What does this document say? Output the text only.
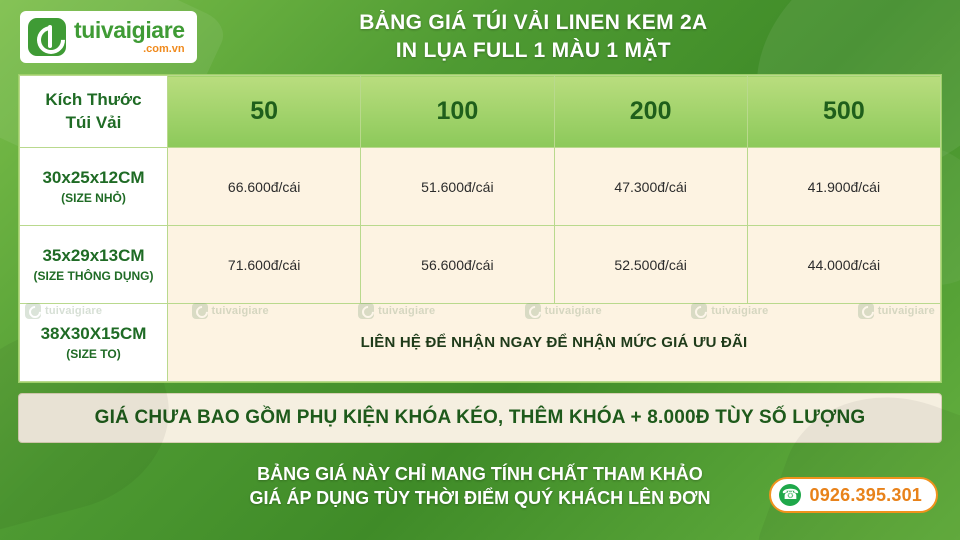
tuivaigiare
.com.vn
BẢNG GIÁ TÚI VẢI LINEN KEM 2A
IN LỤA FULL 1 MÀU 1 MẶT
Kích Thước
Túi Vải	50	100	200	500
30x25x12CM
(SIZE NHỎ)	66.600đ/cái	51.600đ/cái	47.300đ/cái	41.900đ/cái
35x29x13CM
(SIZE THÔNG DỤNG)	71.600đ/cái	56.600đ/cái	52.500đ/cái	44.000đ/cái
38X30X15CM
(SIZE TO)	LIÊN HỆ ĐỂ NHẬN NGAY ĐỂ NHẬN MỨC GIÁ ƯU ĐÃI			
tuivaigiare	tuivaigiare	tuivaigiare	tuivaigiare	tuivaigiare	tuivaigiare
GIÁ CHƯA BAO GỒM PHỤ KIỆN KHÓA KÉO, THÊM KHÓA + 8.000Đ TÙY SỐ LƯỢNG
BẢNG GIÁ NÀY CHỈ MANG TÍNH CHẤT THAM KHẢO
GIÁ ÁP DỤNG TÙY THỜI ĐIỂM QUÝ KHÁCH LÊN ĐƠN ☎	0926.395.301
